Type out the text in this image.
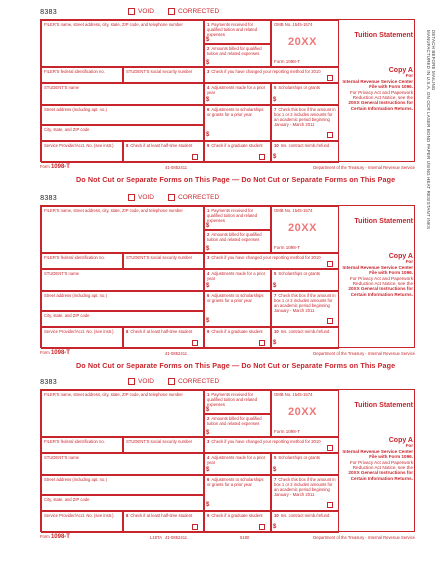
DETACH BEFORE MAILING
MANUFACTURED IN U.S.A. ON OCR LASER BOND PAPER USING HEAT RESISTANT INKS
8383	VOID	CORRECTED
FILER'S name, street address, city, state, ZIP code, and telephone number	1 Payments received for qualified tuition and related expenses
$
2 Amounts billed for qualified tuition and related expenses
$
OMB No. 1545-1574
20XX
Form 1098-T
Tuition Statement
FILER'S federal identification no.	STUDENT'S social security number	3 Check if you have changed your reporting method for 2010	Copy A
For
Internal Revenue Service Center
File with Form 1096.
For Privacy Act and Paperwork Reduction Act Notice, see the
20XX General Instructions for Certain Information Returns.
STUDENT'S name	4 Adjustments made for a prior year
$
5 Scholarships or grants
$
Street address (including apt. no.)	6 Adjustments to scholarships or grants for a prior year
$
7 Check this box if the amount in box 1 or 2 includes amounts for an academic period beginning January - March 2011
City, state, and ZIP code
Service Provider/Acct. No. (see instr.)	8 Check if at least half-time student	9 Check if a graduate student	10 Ins. contract reimb./refund
$
Form 1098-T	41-0852411	Department of the Treasury - Internal Revenue Service
Do Not Cut or Separate Forms on This Page — Do Not Cut or Separate Forms on This Page
8383	VOID	CORRECTED
FILER'S name, street address, city, state, ZIP code, and telephone number	1 Payments received for qualified tuition and related expenses
$
2 Amounts billed for qualified tuition and related expenses
$
OMB No. 1545-1574
20XX
Form 1098-T
Tuition Statement
FILER'S federal identification no.	STUDENT'S social security number	3 Check if you have changed your reporting method for 2010	Copy A
For
Internal Revenue Service Center
File with Form 1096.
For Privacy Act and Paperwork Reduction Act Notice, see the
20XX General Instructions for Certain Information Returns.
STUDENT'S name	4 Adjustments made for a prior year
$
5 Scholarships or grants
$
Street address (including apt. no.)	6 Adjustments to scholarships or grants for a prior year
$
7 Check this box if the amount in box 1 or 2 includes amounts for an academic period beginning January - March 2011
City, state, and ZIP code
Service Provider/Acct. No. (see instr.)	8 Check if at least half-time student	9 Check if a graduate student	10 Ins. contract reimb./refund
$
Form 1098-T	41-0852411	Department of the Treasury - Internal Revenue Service
Do Not Cut or Separate Forms on This Page — Do Not Cut or Separate Forms on This Page
8383	VOID	CORRECTED
FILER'S name, street address, city, state, ZIP code, and telephone number	1 Payments received for qualified tuition and related expenses
$
2 Amounts billed for qualified tuition and related expenses
$
OMB No. 1545-1574
20XX
Form 1098-T
Tuition Statement
FILER'S federal identification no.	STUDENT'S social security number	3 Check if you have changed your reporting method for 2010	Copy A
For
Internal Revenue Service Center
File with Form 1096.
For Privacy Act and Paperwork Reduction Act Notice, see the
20XX General Instructions for Certain Information Returns.
STUDENT'S name	4 Adjustments made for a prior year
$
5 Scholarships or grants
$
Street address (including apt. no.)	6 Adjustments to scholarships or grants for a prior year
$
7 Check this box if the amount in box 1 or 2 includes amounts for an academic period beginning January - March 2011
City, state, and ZIP code
Service Provider/Acct. No. (see instr.)	8 Check if at least half-time student	9 Check if a graduate student	10 Ins. contract reimb./refund
$
Form 1098-T	L18TA 41-0852411	5180	Department of the Treasury - Internal Revenue Service
